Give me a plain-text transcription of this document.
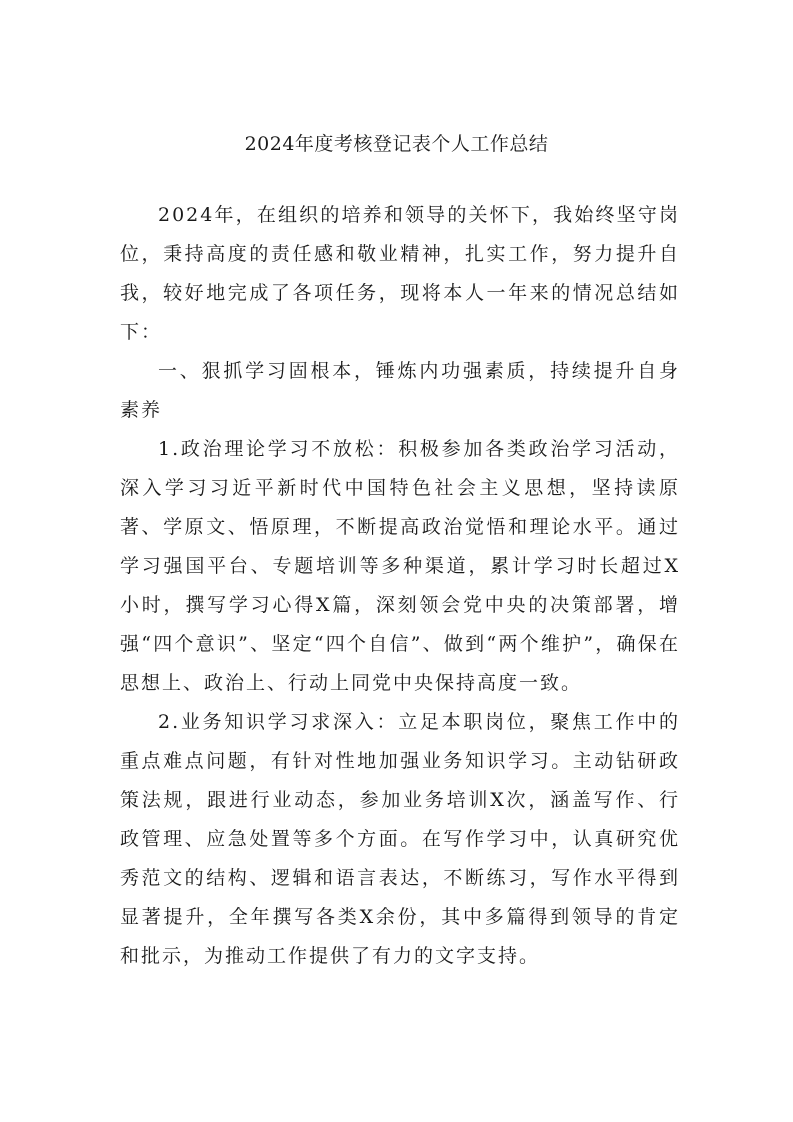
2024年度考核登记表个人工作总结

2024年，在组织的培养和领导的关怀下，我始终坚守岗位，秉持高度的责任感和敬业精神，扎实工作，努力提升自我，较好地完成了各项任务，现将本人一年来的情况总结如下：

一、狠抓学习固根本，锤炼内功强素质，持续提升自身素养

1.政治理论学习不放松：积极参加各类政治学习活动，深入学习习近平新时代中国特色社会主义思想，坚持读原著、学原文、悟原理，不断提高政治觉悟和理论水平。通过学习强国平台、专题培训等多种渠道，累计学习时长超过X小时，撰写学习心得X篇，深刻领会党中央的决策部署，增强“四个意识”、坚定“四个自信”、做到“两个维护”，确保在思想上、政治上、行动上同党中央保持高度一致。

2.业务知识学习求深入：立足本职岗位，聚焦工作中的重点难点问题，有针对性地加强业务知识学习。主动钻研政策法规，跟进行业动态，参加业务培训X次，涵盖写作、行政管理、应急处置等多个方面。在写作学习中，认真研究优秀范文的结构、逻辑和语言表达，不断练习，写作水平得到显著提升，全年撰写各类X余份，其中多篇得到领导的肯定和批示，为推动工作提供了有力的文字支持。
